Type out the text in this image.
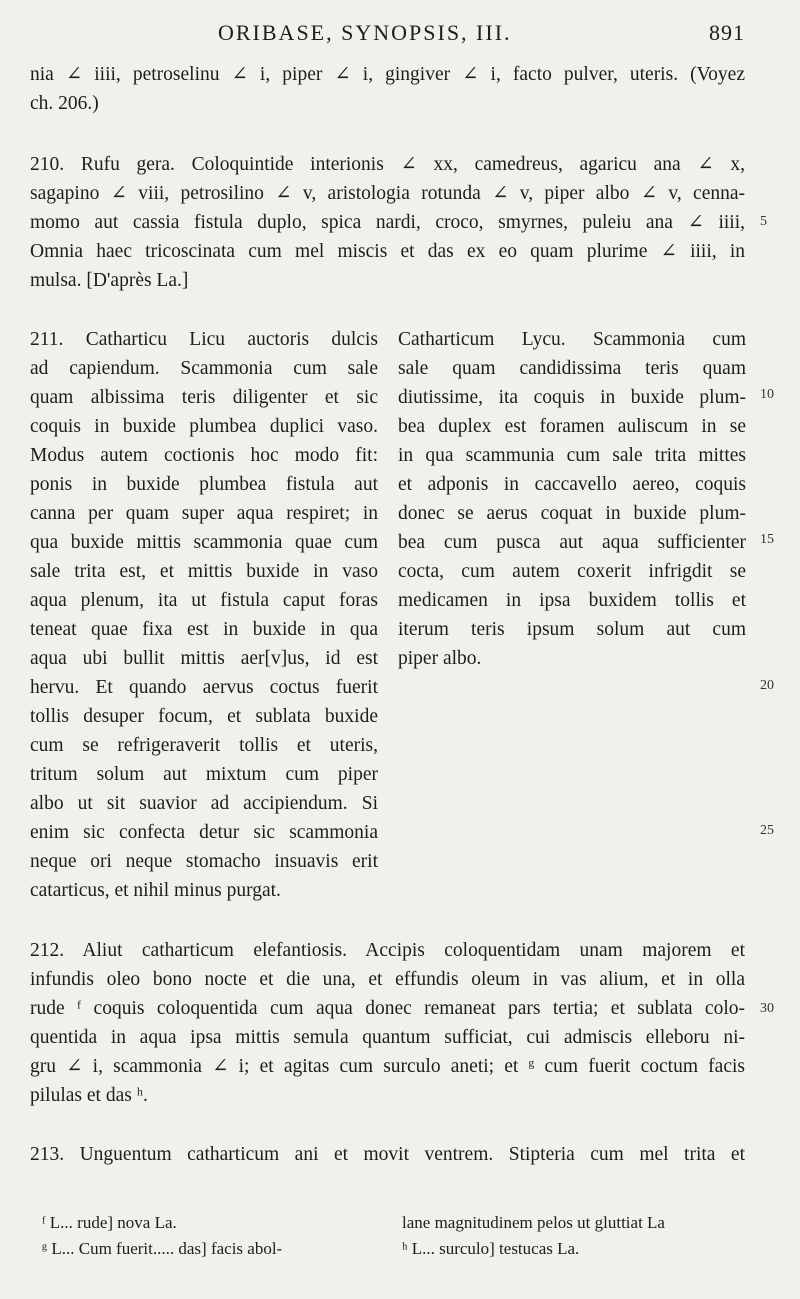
ORIBASE, SYNOPSIS, III.	891
nia ∠ iiii, petroselinu ∠ i, piper ∠ i, gingiver ∠ i, facto pulver, uteris. (Voyez
ch. 206.)
210. Rufu gera. Coloquintide interionis ∠ xx, camedreus, agaricu ana ∠ x,
sagapino ∠ viii, petrosilino ∠ v, aristologia rotunda ∠ v, piper albo ∠ v, cenna-
momo aut cassia fistula duplo, spica nardi, croco, smyrnes, puleiu ana ∠ iiii,
Omnia haec tricoscinata cum mel miscis et das ex eo quam plurime ∠ iiii, in
mulsa. [D'après La.]
211. Catharticu Licu auctoris dulcis
ad capiendum. Scammonia cum sale
quam albissima teris diligenter et sic
coquis in buxide plumbea duplici vaso.
Modus autem coctionis hoc modo fit:
ponis in buxide plumbea fistula aut
canna per quam super aqua respiret; in
qua buxide mittis scammonia quae cum
sale trita est, et mittis buxide in vaso
aqua plenum, ita ut fistula caput foras
teneat quae fixa est in buxide in qua
aqua ubi bullit mittis aer[v]us, id est
hervu. Et quando aervus coctus fuerit
tollis desuper focum, et sublata buxide
cum se refrigeraverit tollis et uteris,
tritum solum aut mixtum cum piper
albo ut sit suavior ad accipiendum. Si
enim sic confecta detur sic scammonia
neque ori neque stomacho insuavis erit
catarticus, et nihil minus purgat.
Catharticum Lycu. Scammonia cum
sale quam candidissima teris quam
diutissime, ita coquis in buxide plum-
bea duplex est foramen auliscum in se
in qua scammunia cum sale trita mittes
et adponis in caccavello aereo, coquis
donec se aerus coquat in buxide plum-
bea cum pusca aut aqua sufficienter
cocta, cum autem coxerit infrigdit se
medicamen in ipsa buxidem tollis et
iterum teris ipsum solum aut cum
piper albo.
212. Aliut catharticum elefantiosis. Accipis coloquentidam unam majorem et
infundis oleo bono nocte et die una, et effundis oleum in vas alium, et in olla
rude ᶠ coquis coloquentida cum aqua donec remaneat pars tertia; et sublata colo-
quentida in aqua ipsa mittis semula quantum sufficiat, cui admiscis elleboru ni-
gru ∠ i, scammonia ∠ i; et agitas cum surculo aneti; et ᵍ cum fuerit coctum facis
pilulas et das ʰ.
213. Unguentum catharticum ani et movit ventrem. Stipteria cum mel trita et
5
10
15
20
25
30
ᶠ L... rude] nova La.
ᵍ L... Cum fuerit..... das] facis abol-
lane magnitudinem pelos ut gluttiat La
ʰ L... surculo] testucas La.
